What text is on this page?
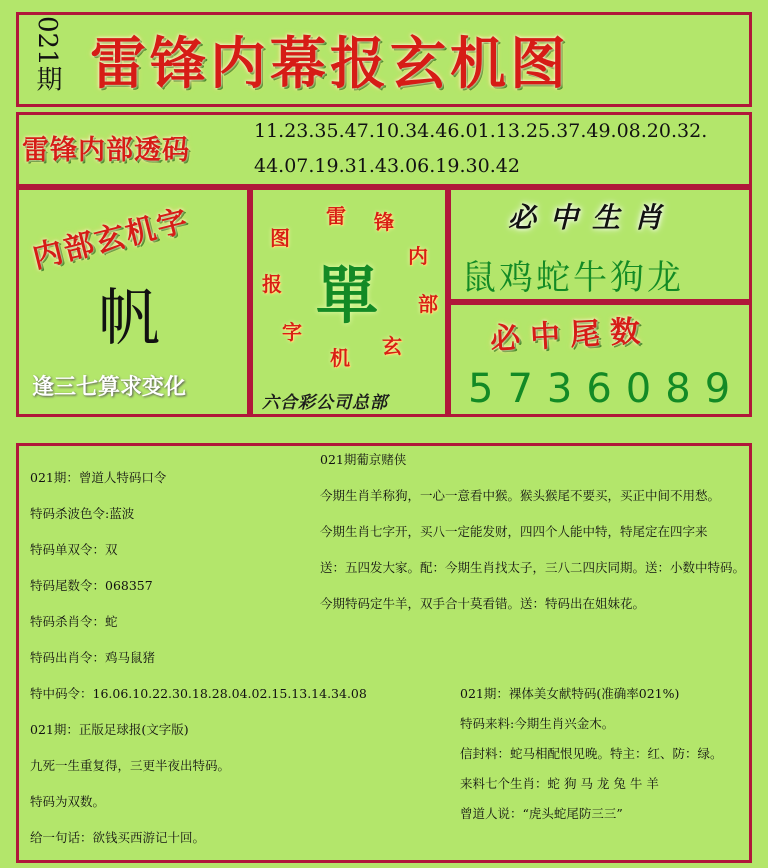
021期 雷锋内幕报玄机图
雷锋内部透码
11.23.35.47.10.34.46.01.13.25.37.49.08.20.32.
44.07.19.31.43.06.19.30.42
内部玄机字
帆
逢三七算求变化
雷 锋
内
部
玄
机
字
报
图
單
六合彩公司总部
必中生肖
鼠鸡蛇牛狗龙
必中尾数
5736089
021期：曾道人特码口令
特码杀波色令:蓝波
特码单双令：双
特码尾数令：068357
特码杀肖令：蛇
特码出肖令：鸡马鼠猪
特中码令：16.06.10.22.30.18.28.04.02.15.13.14.34.08
021期：正版足球报(文字版)
九死一生重复得，三更半夜出特码。
特码为双数。
给一句话：欲钱买西游记十回。
021期葡京赌侠
今期生肖羊称狗，一心一意看中猴。猴头猴尾不要买，买正中间不用愁。
今期生肖七字开，买八一定能发财，四四个人能中特，特尾定在四字来
送：五四发大家。配：今期生肖找太子，三八二四庆同期。送：小数中特码。
今期特码定牛羊，双手合十莫看错。送：特码出在姐妹花。
021期：裸体美女献特码(准确率021%)
特码来料:今期生肖兴金木。
信封料：蛇马相配恨见晚。特主：红、防：绿。
来料七个生肖：蛇 狗 马 龙 兔 牛 羊
曾道人说：“虎头蛇尾防三三”
